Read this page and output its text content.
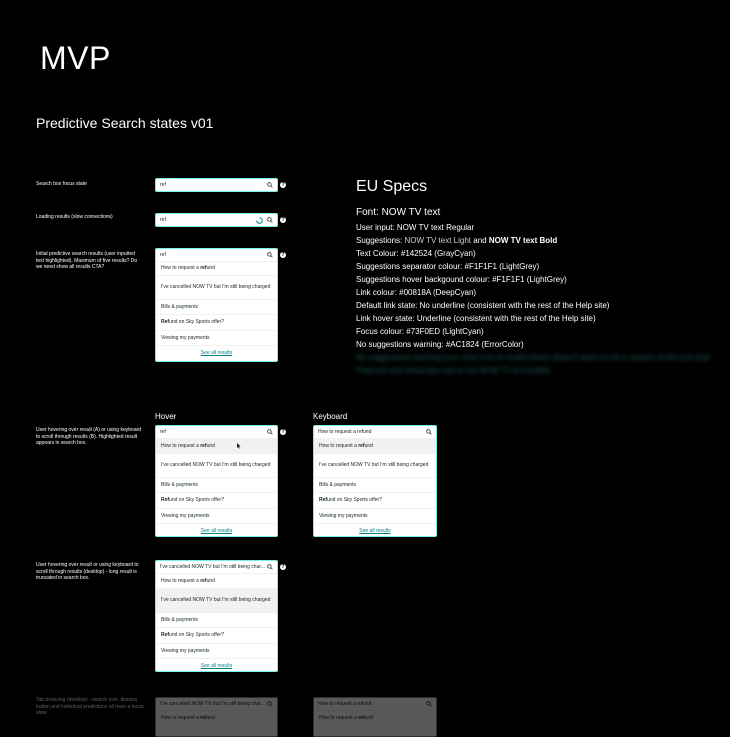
MVP
Predictive Search states v01
Search box focus state
Loading results (slow connections)
Initial predictive search results (user inputted text highlighted). Maximum of five results? Do we need show all results CTA?
User hovering over result (A) or using keyboard to scroll through results (B). Highlighted result appears in search box.
User hovering over result or using keyboard to scroll through results (desktop) - long result is truncated in search box.
Tab browsing (desktop) - search icon, dismiss button and individual predictions all have a focus state
Hover	Keyboard
ref	?
ref	?
ref
How to request a refund
I've cancelled NOW TV but I'm still being charged
Bills & payments
Refund on Sky Sports offer?
Viewing my payments
See all results
?
ref
How to request a refund
I've cancelled NOW TV but I'm still being charged
Bills & payments
Refund on Sky Sports offer?
Viewing my payments
See all results
?	How to request a refund
How to request a refund
I've cancelled NOW TV but I'm still being charged
Bills & payments
Refund on Sky Sports offer?
Viewing my payments
See all results
I've cancelled NOW TV but I'm still being char...
How to request a refund
I've cancelled NOW TV but I'm still being charged
Bills & payments
Refund on Sky Sports offer?
Viewing my payments
See all results
?
I've cancelled NOW TV but I'm still being char...
How to request a refund
How to request a refund
How to request a refund
EU Specs
Font: NOW TV text
User input: NOW TV text Regular
Suggestions: NOW TV text Light and NOW TV text Bold
Text Colour: #142524 (GrayCyan)
Suggestions separator colour: #F1F1F1 (LightGrey)
Suggestions hover backgound colour: #F1F1F1 (LightGrey)
Link colour: #00818A (DeepCyan)
Default link state: No underline (consistent with the rest of the Help site)
Link hover state: Underline (consistent with the rest of the Help site)
Focus colour: #73F0ED (LightCyan)
No suggestions warning: #AC1824 (ErrorColor)
No suggestions warning icon: Alert icon in toolkit (there doesn't seem to be a version of the icon that Peacock and showcase use in the NOW TV EU toolkit)
